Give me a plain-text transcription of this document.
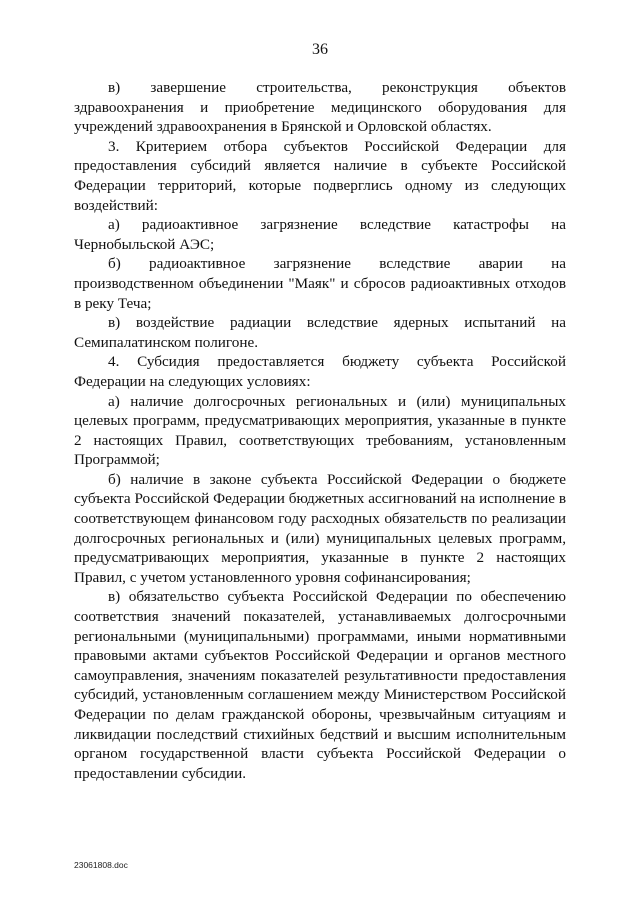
36

в) завершение строительства, реконструкция объектов здравоохранения и приобретение медицинского оборудования для учреждений здравоохранения в Брянской и Орловской областях.

3. Критерием отбора субъектов Российской Федерации для предоставления субсидий является наличие в субъекте Российской Федерации территорий, которые подверглись одному из следующих воздействий:

а) радиоактивное загрязнение вследствие катастрофы на Чернобыльской АЭС;

б) радиоактивное загрязнение вследствие аварии на производственном объединении "Маяк" и сбросов радиоактивных отходов в реку Теча;

в) воздействие радиации вследствие ядерных испытаний на Семипалатинском полигоне.

4. Субсидия предоставляется бюджету субъекта Российской Федерации на следующих условиях:

а) наличие долгосрочных региональных и (или) муниципальных целевых программ, предусматривающих мероприятия, указанные в пункте 2 настоящих Правил, соответствующих требованиям, установленным Программой;

б) наличие в законе субъекта Российской Федерации о бюджете субъекта Российской Федерации бюджетных ассигнований на исполнение в соответствующем финансовом году расходных обязательств по реализации долгосрочных региональных и (или) муниципальных целевых программ, предусматривающих мероприятия, указанные в пункте 2 настоящих Правил, с учетом установленного уровня софинансирования;

в) обязательство субъекта Российской Федерации по обеспечению соответствия значений показателей, устанавливаемых долгосрочными региональными (муниципальными) программами, иными нормативными правовыми актами субъектов Российской Федерации и органов местного самоуправления, значениям показателей результативности предоставления субсидий, установленным соглашением между Министерством Российской Федерации по делам гражданской обороны, чрезвычайным ситуациям и ликвидации последствий стихийных бедствий и высшим исполнительным органом государственной власти субъекта Российской Федерации о предоставлении субсидии.

23061808.doc
